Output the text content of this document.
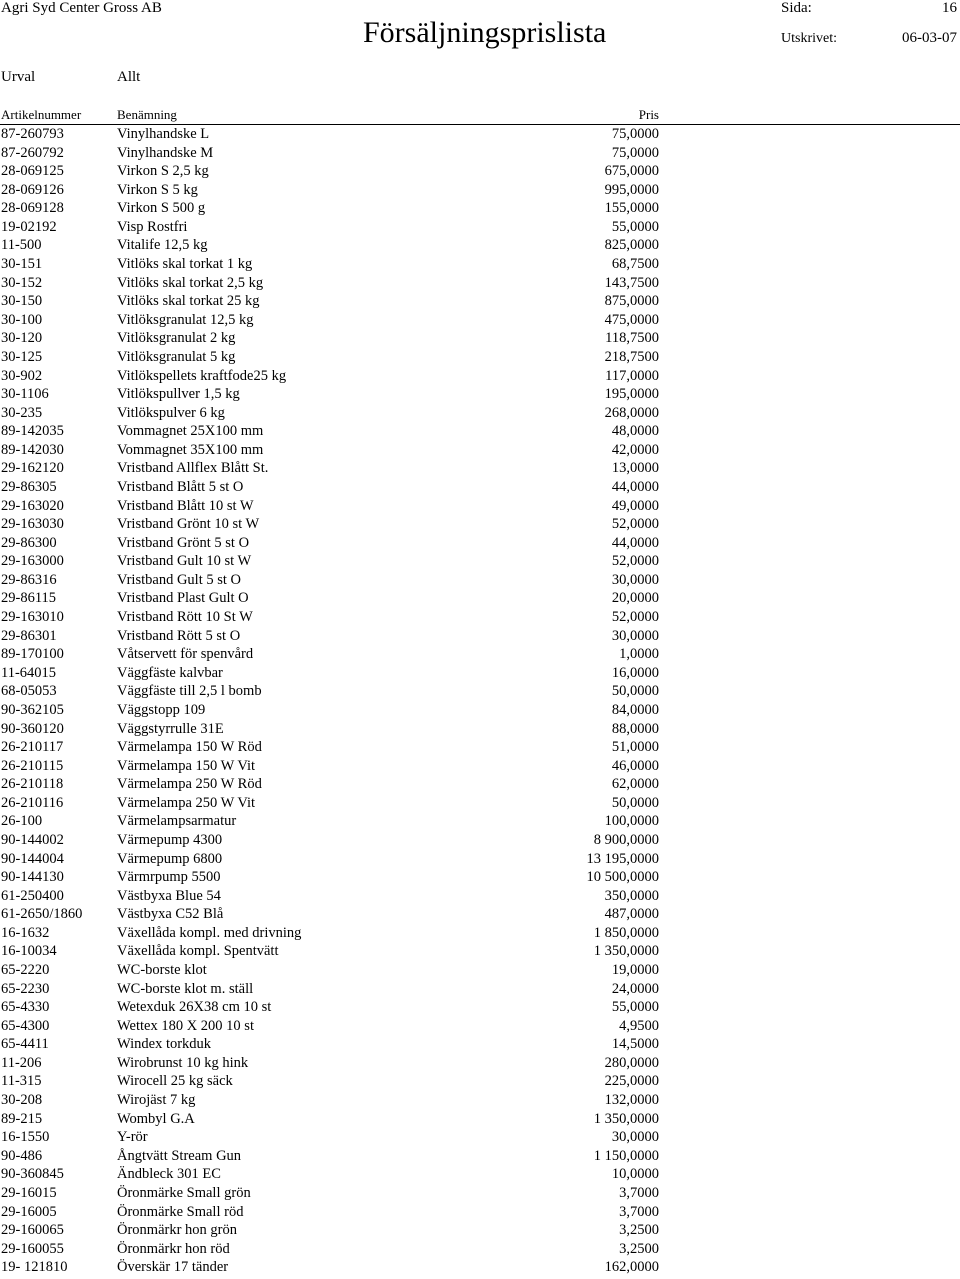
Agri Syd Center Gross AB
Försäljningsprislista
Sida:	16
Utskrivet:	06-03-07
Urval	Allt
Artikelnummer	Benämning	Pris
87-260793	Vinylhandske L	75,0000
87-260792	Vinylhandske M	75,0000
28-069125	Virkon S 2,5 kg	675,0000
28-069126	Virkon S 5 kg	995,0000
28-069128	Virkon S 500 g	155,0000
19-02192	Visp Rostfri	55,0000
11-500	Vitalife 12,5 kg	825,0000
30-151	Vitlöks skal torkat 1 kg	68,7500
30-152	Vitlöks skal torkat 2,5 kg	143,7500
30-150	Vitlöks skal torkat 25 kg	875,0000
30-100	Vitlöksgranulat 12,5 kg	475,0000
30-120	Vitlöksgranulat 2 kg	118,7500
30-125	Vitlöksgranulat 5 kg	218,7500
30-902	Vitlökspellets kraftfode25 kg	117,0000
30-1106	Vitlökspullver 1,5 kg	195,0000
30-235	Vitlökspulver 6 kg	268,0000
89-142035	Vommagnet 25X100 mm	48,0000
89-142030	Vommagnet 35X100 mm	42,0000
29-162120	Vristband Allflex Blått St.	13,0000
29-86305	Vristband Blått 5 st O	44,0000
29-163020	Vristband Blått 10 st W	49,0000
29-163030	Vristband Grönt 10 st W	52,0000
29-86300	Vristband Grönt 5 st O	44,0000
29-163000	Vristband Gult 10 st W	52,0000
29-86316	Vristband Gult 5 st O	30,0000
29-86115	Vristband Plast Gult O	20,0000
29-163010	Vristband Rött 10 St W	52,0000
29-86301	Vristband Rött 5 st O	30,0000
89-170100	Våtservett för spenvård	1,0000
11-64015	Väggfäste kalvbar	16,0000
68-05053	Väggfäste till 2,5 l bomb	50,0000
90-362105	Väggstopp 109	84,0000
90-360120	Väggstyrrulle 31E	88,0000
26-210117	Värmelampa 150 W Röd	51,0000
26-210115	Värmelampa 150 W Vit	46,0000
26-210118	Värmelampa 250 W Röd	62,0000
26-210116	Värmelampa 250 W Vit	50,0000
26-100	Värmelampsarmatur	100,0000
90-144002	Värmepump 4300	8 900,0000
90-144004	Värmepump 6800	13 195,0000
90-144130	Värmrpump 5500	10 500,0000
61-250400	Västbyxa Blue 54	350,0000
61-2650/1860 Västbyxa C52 Blå	487,0000
16-1632	Växellåda kompl. med drivning	1 850,0000
16-10034	Växellåda kompl. Spentvätt	1 350,0000
65-2220	WC-borste klot	19,0000
65-2230	WC-borste klot m. ställ	24,0000
65-4330	Wetexduk 26X38 cm 10 st	55,0000
65-4300	Wettex 180 X 200 10 st	4,9500
65-4411	Windex torkduk	14,5000
11-206	Wirobrunst 10 kg hink	280,0000
11-315	Wirocell 25 kg säck	225,0000
30-208	Wirojäst 7 kg	132,0000
89-215	Wombyl G.A	1 350,0000
16-1550	Y-rör	30,0000
90-486	Ångtvätt Stream Gun	1 150,0000
90-360845	Ändbleck 301 EC	10,0000
29-16015	Öronmärke Small grön	3,7000
29-16005	Öronmärke Small röd	3,7000
29-160065	Öronmärkr hon grön	3,2500
29-160055	Öronmärkr hon röd	3,2500
19- 121810	Överskär 17 tänder	162,0000
